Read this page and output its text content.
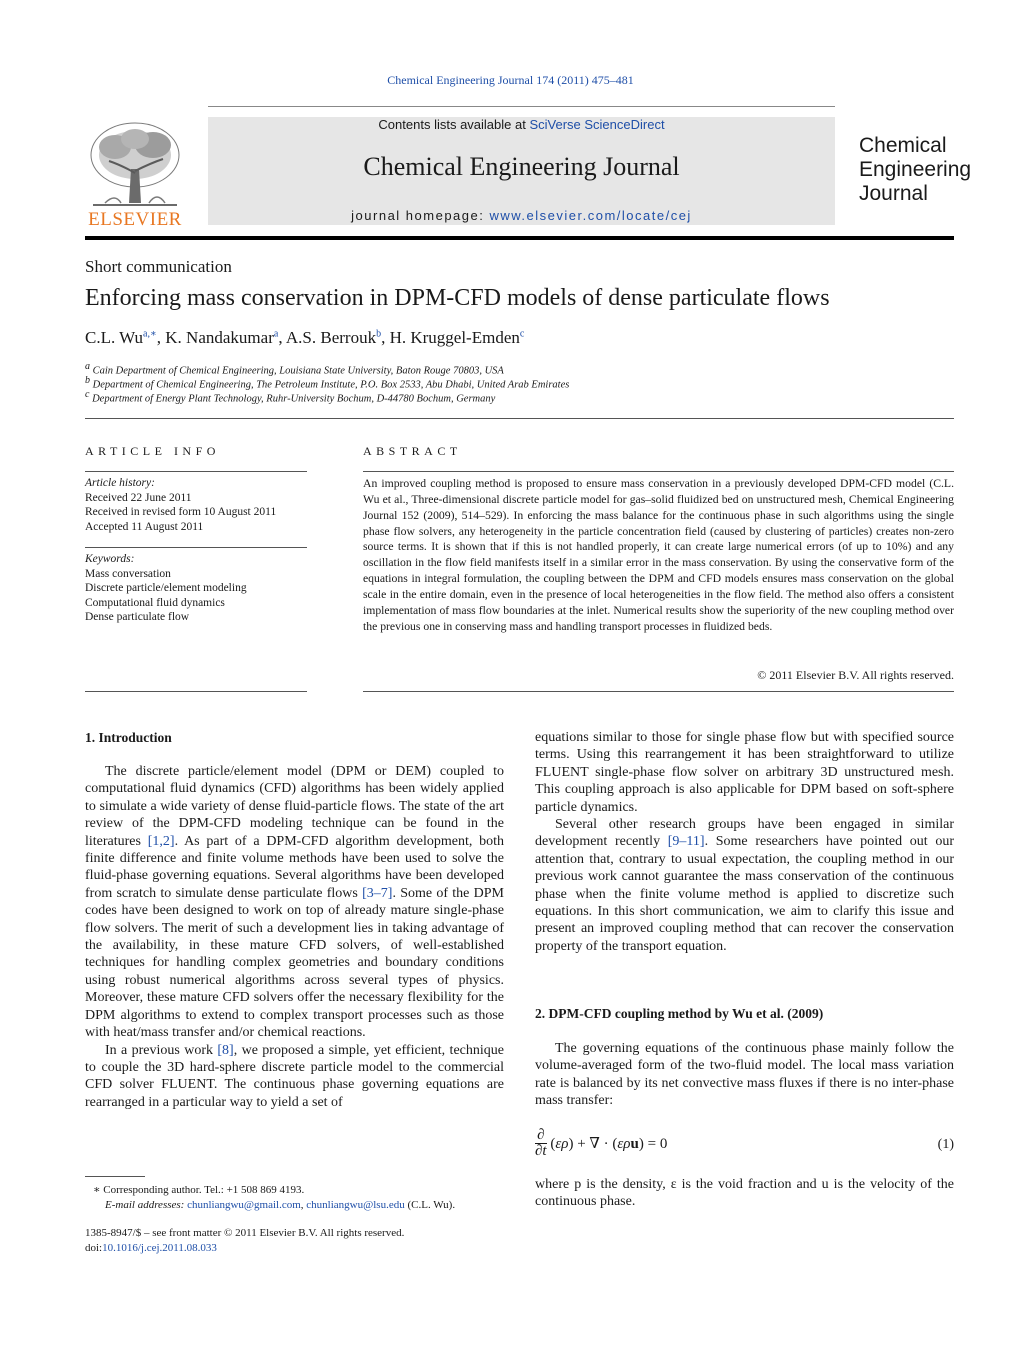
Chemical Engineering Journal 174 (2011) 475–481
ELSEVIER
Contents lists available at SciVerse ScienceDirect
Chemical Engineering Journal
journal homepage: www.elsevier.com/locate/cej
Chemical
Engineering
Journal
Short communication
Enforcing mass conservation in DPM-CFD models of dense particulate flows
C.L. $Wu^{a,∗}$, K. Nandakumar$^a$, A.S. Berrouk$^b$, H. Kruggel-Emden$^c$
$^a$ Cain Department of Chemical Engineering, Louisiana State University, Baton Rouge 70803, USA
$^b$ Department of Chemical Engineering, The Petroleum Institute, P.O. Box 2533, Abu Dhabi, United Arab Emirates
$^c$ Department of Energy Plant Technology, Ruhr-University Bochum, D-44780 Bochum, Germany
ARTICLE INFO
Article history:
Received 22 June 2011
Received in revised form 10 August 2011
Accepted 11 August 2011
Keywords:
Mass conversation
Discrete particle/element modeling
Computational fluid dynamics
Dense particulate flow
ABSTRACT
An improved coupling method is proposed to ensure mass conservation in a previously developed DPM-CFD model (C.L. Wu et al., Three-dimensional discrete particle model for gas–solid fluidized bed on unstructured mesh, Chemical Engineering Journal 152 (2009), 514–529). In enforcing the mass balance for the continuous phase in such algorithms using the single phase flow solvers, any heterogeneity in the particle concentration field (caused by clustering of particles) creates non-zero source terms. It is shown that if this is not handled properly, it can create large numerical errors (of up to 10%) and any oscillation in the flow field manifests itself in a similar error in the mass conservation. By using the conservative form of the equations in integral formulation, the coupling between the DPM and CFD models ensures mass conservation on the global scale in the entire domain, even in the presence of local heterogeneities in the flow field. The method also offers a consistent implementation of mass flow boundaries at the inlet. Numerical results show the superiority of the new coupling method over the previous one in conserving mass and handling transport processes in fluidized beds.
© 2011 Elsevier B.V. All rights reserved.
1. Introduction

The discrete particle/element model (DPM or DEM) coupled to computational fluid dynamics (CFD) algorithms has been widely applied to simulate a wide variety of dense fluid-particle flows. The state of the art review of the DPM-CFD modeling technique can be found in the literatures [1,2]. As part of a DPM-CFD algorithm development, both finite difference and finite volume methods have been used to solve the fluid-phase governing equations. Several algorithms have been developed from scratch to simulate dense particulate flows [3–7]. Some of the DPM codes have been designed to work on top of already mature single-phase flow solvers. The merit of such a development lies in taking advantage of the availability, in these mature CFD solvers, of well-established techniques for handling complex geometries and boundary conditions using robust numerical algorithms across several types of physics. Moreover, these mature CFD solvers offer the necessary flexibility for the DPM algorithms to extend to complex transport processes such as those with heat/mass transfer and/or chemical reactions.

In a previous work [8], we proposed a simple, yet efficient, technique to couple the 3D hard-sphere discrete particle model to the commercial CFD solver FLUENT. The continuous phase governing equations are rearranged in a particular way to yield a set of

equations similar to those for single phase flow but with specified source terms. Using this rearrangement it has been straightforward to utilize FLUENT single-phase flow solver on arbitrary 3D unstructured mesh. This coupling approach is also applicable for DPM based on soft-sphere particle dynamics.

Several other research groups have been engaged in similar development recently [9–11]. Some researchers have pointed out our attention that, contrary to usual expectation, the coupling method in our previous work cannot guarantee the mass conservation of the continuous phase when the finite volume method is applied to discretize such equations. In this short communication, we aim to clarify this issue and present an improved coupling method that can recover the conservation property of the transport equation.

2. DPM-CFD coupling method by Wu et al. (2009)

The governing equations of the continuous phase mainly follow the volume-averaged form of the two-fluid model. The local mass variation rate is balanced by its net convective mass fluxes if there is no inter-phase mass transfer:

∂
∂t (ερ) + ∇ · (ερu) = 0	(1)

where p is the density, ε is the void fraction and u is the velocity of the continuous phase.

∗ Corresponding author. Tel.: +1 508 869 4193.
E-mail addresses: chunliangwu@gmail.com, chunliangwu@lsu.edu (C.L. Wu).
1385-8947/$ – see front matter © 2011 Elsevier B.V. All rights reserved.
doi:10.1016/j.cej.2011.08.033
